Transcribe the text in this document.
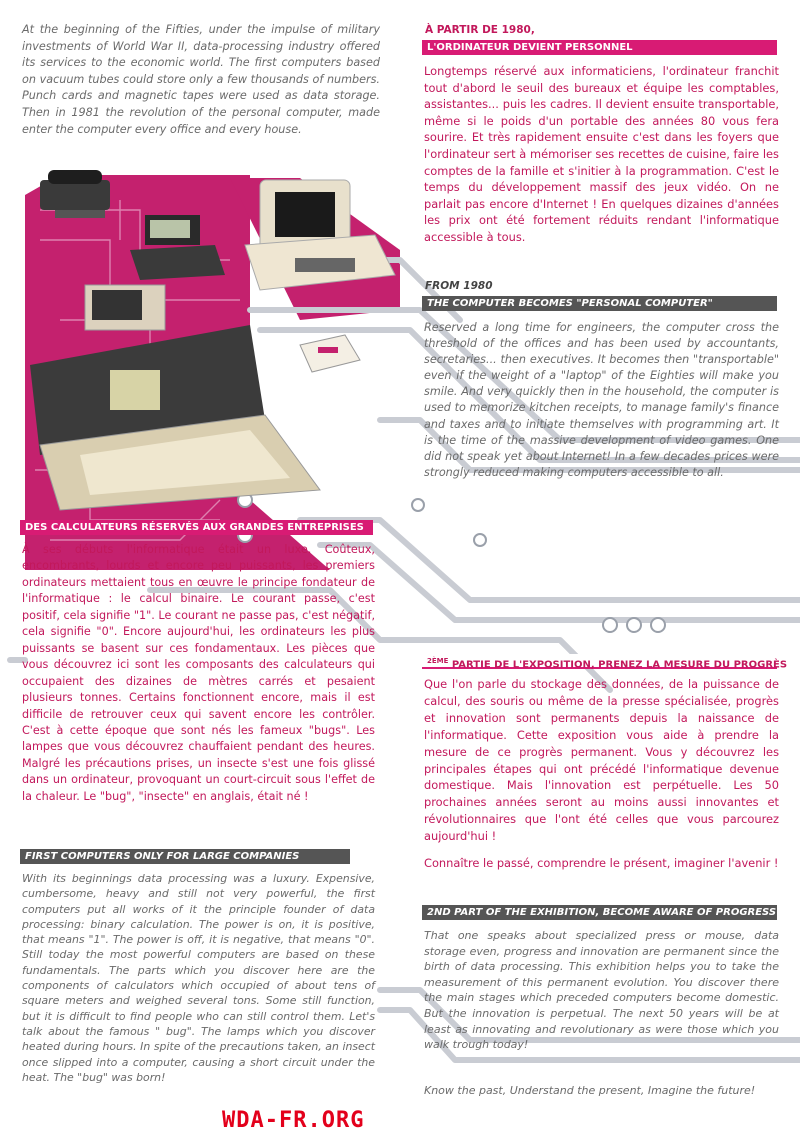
At the beginning of the Fifties, under the impulse of military investments of World War II, data-processing industry offered its services to the economic world. The first computers based on vacuum tubes could store only a few thousands of numbers. Punch cards and magnetic tapes were used as data storage. Then in 1981 the revolution of the personal computer, made enter the computer every office and every house.

À PARTIR DE 1980,

L'ORDINATEUR DEVIENT PERSONNEL

Longtemps réservé aux informaticiens, l'ordinateur franchit tout d'abord le seuil des bureaux et équipe les comptables, assistantes... puis les cadres. Il devient ensuite transportable, même si le poids d'un portable des années 80 vous fera sourire. Et très rapidement ensuite c'est dans les foyers que l'ordinateur sert à mémoriser ses recettes de cuisine, faire les comptes de la famille et s'initier à la programmation. C'est le temps du développement massif des jeux vidéo. On ne parlait pas encore d'Internet ! En quelques dizaines d'années les prix ont été fortement réduits rendant l'informatique accessible à tous.

FROM 1980

THE COMPUTER BECOMES "PERSONAL COMPUTER"

Reserved a long time for engineers, the computer cross the threshold of the offices and has been used by accountants, secretaries... then executives. It becomes then "transportable" even if the weight of a "laptop" of the Eighties will make you smile. And very quickly then in the household, the computer is used to memorize kitchen receipts, to manage family's finance and taxes and to initiate themselves with programming art. It is the time of the massive development of video games. One did not speak yet about Internet! In a few decades prices were strongly reduced making computers accessible to all.

DES CALCULATEURS RÉSERVÉS AUX GRANDES ENTREPRISES

À ses débuts l'informatique était un luxe. Coûteux, encombrants, lourds et encore peu puissants, les premiers ordinateurs mettaient tous en œuvre le principe fondateur de l'informatique : le calcul binaire. Le courant passe, c'est positif, cela signifie "1". Le courant ne passe pas, c'est négatif, cela signifie "0". Encore aujourd'hui, les ordinateurs les plus puissants se basent sur ces fondamentaux. Les pièces que vous découvrez ici sont les composants des calculateurs qui occupaient des dizaines de mètres carrés et pesaient plusieurs tonnes. Certains fonctionnent encore, mais il est difficile de retrouver ceux qui savent encore les contrôler. C'est à cette époque que sont nés les fameux "bugs". Les lampes que vous découvrez chauffaient pendant des heures. Malgré les précautions prises, un insecte s'est une fois glissé dans un ordinateur, provoquant un court-circuit sous l'effet de la chaleur. Le "bug", "insecte" en anglais, était né !

FIRST COMPUTERS ONLY FOR LARGE COMPANIES

With its beginnings data processing was a luxury. Expensive, cumbersome, heavy and still not very powerful, the first computers put all works of it the principle founder of data processing: binary calculation. The power is on, it is positive, that means "1". The power is off, it is negative, that means "0". Still today the most powerful computers are based on these fundamentals. The parts which you discover here are the components of calculators which occupied of about tens of square meters and weighed several tons. Some still function, but it is difficult to find people who can still control them. Let's talk about the famous " bug". The lamps which you discover heated during hours. In spite of the precautions taken, an insect once slipped into a computer, causing a short circuit under the heat. The "bug" was born!

$^{2ÈME}$ PARTIE DE L'EXPOSITION, PRENEZ LA MESURE DU PROGRÈS

Que l'on parle du stockage des données, de la puissance de calcul, des souris ou même de la presse spécialisée, progrès et innovation sont permanents depuis la naissance de l'informatique. Cette exposition vous aide à prendre la mesure de ce progrès permanent. Vous y découvrez les principales étapes qui ont précédé l'informatique devenue domestique. Mais l'innovation est perpétuelle. Les 50 prochaines années seront au moins aussi innovantes et révolutionnaires que l'ont été celles que vous parcourez aujourd'hui !

Connaître le passé, comprendre le présent, imaginer l'avenir !

2ND PART OF THE EXHIBITION, BECOME AWARE OF PROGRESS

That one speaks about specialized press or mouse, data storage even, progress and innovation are permanent since the birth of data processing. This exhibition helps you to take the measurement of this permanent evolution. You discover there the main stages which preceded computers become domestic. But the innovation is perpetual. The next 50 years will be at least as innovating and revolutionary as were those which you walk trough today!

Know the past, Understand the present, Imagine the future!

WDA-FR.ORG
